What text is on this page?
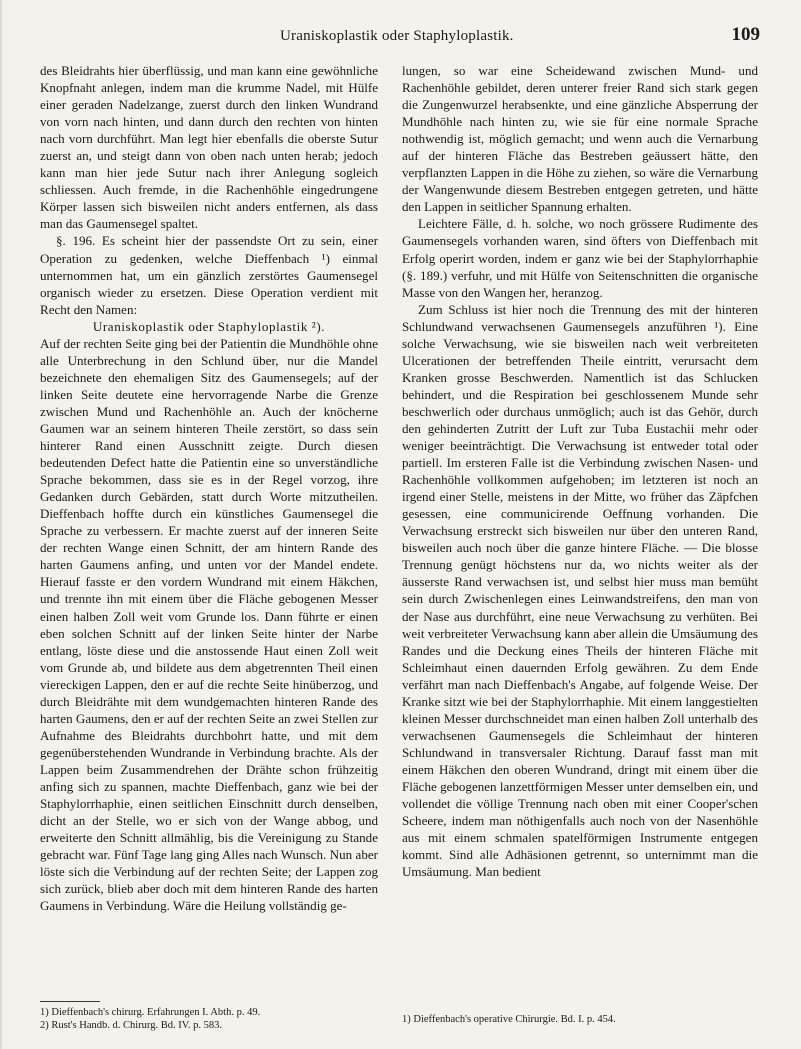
Uraniskoplastik oder Staphyloplastik.	109

des Bleidrahts hier überflüssig, und man kann eine gewöhnliche Knopfnaht anlegen, indem man die krumme Nadel, mit Hülfe einer geraden Nadelzange, zuerst durch den linken Wundrand von vorn nach hinten, und dann durch den rechten von hinten nach vorn durchführt. Man legt hier ebenfalls die oberste Sutur zuerst an, und steigt dann von oben nach unten herab; jedoch kann man hier jede Sutur nach ihrer Anlegung sogleich schliessen. Auch fremde, in die Rachenhöhle eingedrungene Körper lassen sich bisweilen nicht anders entfernen, als dass man das Gaumensegel spaltet.

§. 196. Es scheint hier der passendste Ort zu sein, einer Operation zu gedenken, welche Dieffenbach ¹) einmal unternommen hat, um ein gänzlich zerstörtes Gaumensegel organisch wieder zu ersetzen. Diese Operation verdient mit Recht den Namen:

Uraniskoplastik oder Staphyloplastik ²).

Auf der rechten Seite ging bei der Patientin die Mundhöhle ohne alle Unterbrechung in den Schlund über, nur die Mandel bezeichnete den ehemaligen Sitz des Gaumensegels; auf der linken Seite deutete eine hervorragende Narbe die Grenze zwischen Mund und Rachenhöhle an. Auch der knöcherne Gaumen war an seinem hinteren Theile zerstört, so dass sein hinterer Rand einen Ausschnitt zeigte. Durch diesen bedeutenden Defect hatte die Patientin eine so unverständliche Sprache bekommen, dass sie es in der Regel vorzog, ihre Gedanken durch Gebärden, statt durch Worte mitzutheilen. Dieffenbach hoffte durch ein künstliches Gaumensegel die Sprache zu verbessern. Er machte zuerst auf der inneren Seite der rechten Wange einen Schnitt, der am hintern Rande des harten Gaumens anfing, und unten vor der Mandel endete. Hierauf fasste er den vordern Wundrand mit einem Häkchen, und trennte ihn mit einem über die Fläche gebogenen Messer einen halben Zoll weit vom Grunde los. Dann führte er einen eben solchen Schnitt auf der linken Seite hinter der Narbe entlang, löste diese und die anstossende Haut einen Zoll weit vom Grunde ab, und bildete aus dem abgetrennten Theil einen viereckigen Lappen, den er auf die rechte Seite hinüberzog, und durch Bleidrähte mit dem wundgemachten hinteren Rande des harten Gaumens, den er auf der rechten Seite an zwei Stellen zur Aufnahme des Bleidrahts durchbohrt hatte, und mit dem gegenüberstehenden Wundrande in Verbindung brachte. Als der Lappen beim Zusammendrehen der Drähte schon frühzeitig anfing sich zu spannen, machte Dieffenbach, ganz wie bei der Staphylorrhaphie, einen seitlichen Einschnitt durch denselben, dicht an der Stelle, wo er sich von der Wange abbog, und erweiterte den Schnitt allmählig, bis die Vereinigung zu Stande gebracht war. Fünf Tage lang ging Alles nach Wunsch. Nun aber löste sich die Verbindung auf der rechten Seite; der Lappen zog sich zurück, blieb aber doch mit dem hinteren Rande des harten Gaumens in Verbindung. Wäre die Heilung vollständig ge-

1) Dieffenbach's chirurg. Erfahrungen I. Abth. p. 49.
2) Rust's Handb. d. Chirurg. Bd. IV. p. 583.

lungen, so war eine Scheidewand zwischen Mund- und Rachenhöhle gebildet, deren unterer freier Rand sich stark gegen die Zungenwurzel herabsenkte, und eine gänzliche Absperrung der Mundhöhle nach hinten zu, wie sie für eine normale Sprache nothwendig ist, möglich gemacht; und wenn auch die Vernarbung auf der hinteren Fläche das Bestreben geäussert hätte, den verpflanzten Lappen in die Höhe zu ziehen, so wäre die Vernarbung der Wangenwunde diesem Bestreben entgegen getreten, und hätte den Lappen in seitlicher Spannung erhalten.

Leichtere Fälle, d. h. solche, wo noch grössere Rudimente des Gaumensegels vorhanden waren, sind öfters von Dieffenbach mit Erfolg operirt worden, indem er ganz wie bei der Staphylorrhaphie (§. 189.) verfuhr, und mit Hülfe von Seitenschnitten die organische Masse von den Wangen her, heranzog.

Zum Schluss ist hier noch die Trennung des mit der hinteren Schlundwand verwachsenen Gaumensegels anzuführen ¹). Eine solche Verwachsung, wie sie bisweilen nach weit verbreiteten Ulcerationen der betreffenden Theile eintritt, verursacht dem Kranken grosse Beschwerden. Namentlich ist das Schlucken behindert, und die Respiration bei geschlossenem Munde sehr beschwerlich oder durchaus unmöglich; auch ist das Gehör, durch den gehinderten Zutritt der Luft zur Tuba Eustachii mehr oder weniger beeinträchtigt. Die Verwachsung ist entweder total oder partiell. Im ersteren Falle ist die Verbindung zwischen Nasen- und Rachenhöhle vollkommen aufgehoben; im letzteren ist noch an irgend einer Stelle, meistens in der Mitte, wo früher das Zäpfchen gesessen, eine communicirende Oeffnung vorhanden. Die Verwachsung erstreckt sich bisweilen nur über den unteren Rand, bisweilen auch noch über die ganze hintere Fläche. — Die blosse Trennung genügt höchstens nur da, wo nichts weiter als der äusserste Rand verwachsen ist, und selbst hier muss man bemüht sein durch Zwischenlegen eines Leinwandstreifens, den man von der Nase aus durchführt, eine neue Verwachsung zu verhüten. Bei weit verbreiteter Verwachsung kann aber allein die Umsäumung des Randes und die Deckung eines Theils der hinteren Fläche mit Schleimhaut einen dauernden Erfolg gewähren. Zu dem Ende verfährt man nach Dieffenbach's Angabe, auf folgende Weise. Der Kranke sitzt wie bei der Staphylorrhaphie. Mit einem langgestielten kleinen Messer durchschneidet man einen halben Zoll unterhalb des verwachsenen Gaumensegels die Schleimhaut der hinteren Schlundwand in transversaler Richtung. Darauf fasst man mit einem Häkchen den oberen Wundrand, dringt mit einem über die Fläche gebogenen lanzettförmigen Messer unter demselben ein, und vollendet die völlige Trennung nach oben mit einer Cooper'schen Scheere, indem man nöthigenfalls auch noch von der Nasenhöhle aus mit einem schmalen spatelförmigen Instrumente entgegen kommt. Sind alle Adhäsionen getrennt, so unternimmt man die Umsäumung. Man bedient

1) Dieffenbach's operative Chirurgie. Bd. I. p. 454.
